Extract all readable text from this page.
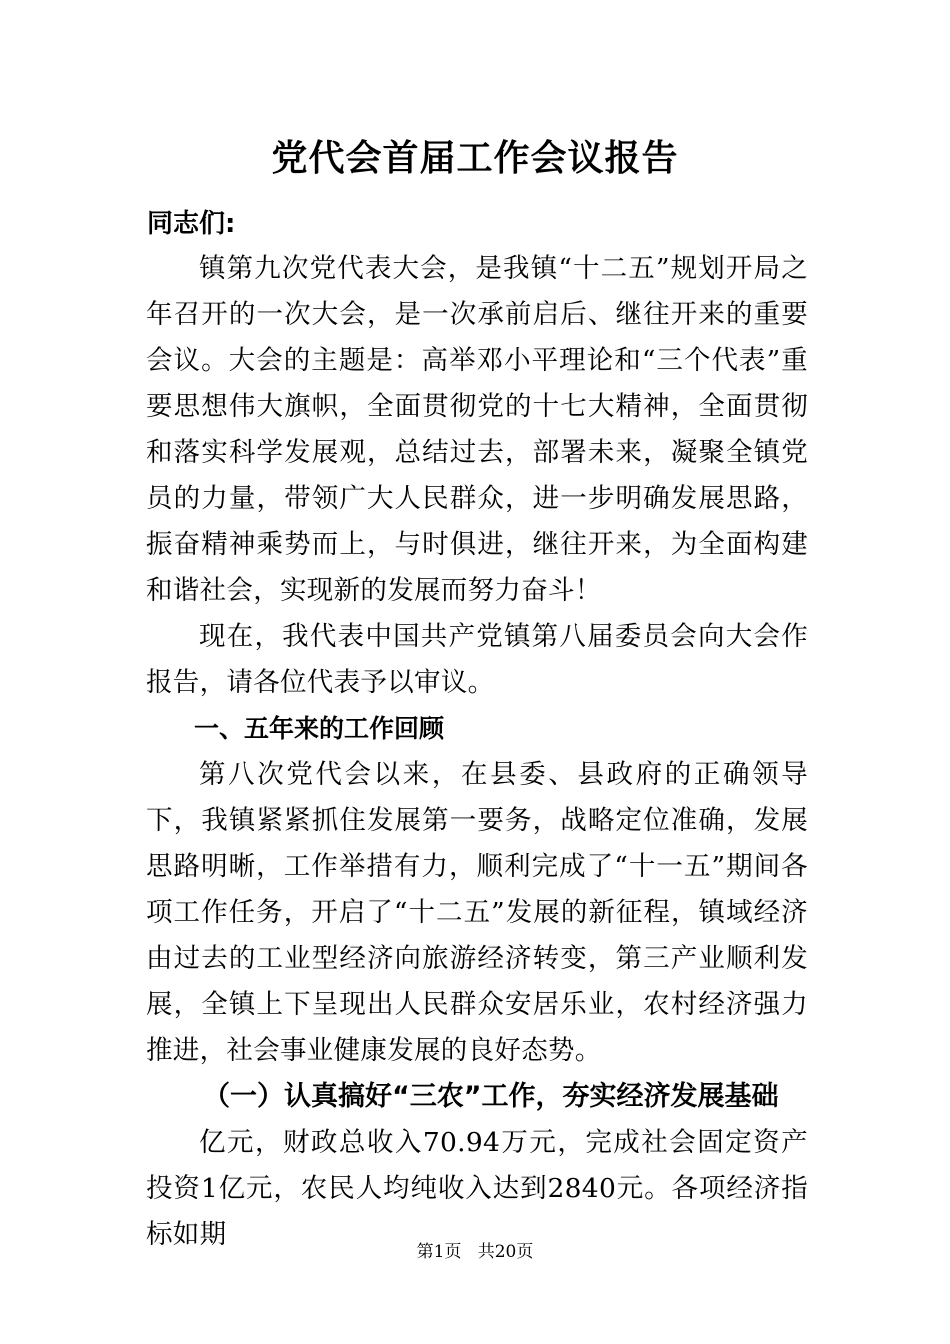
党代会首届工作会议报告

同志们:

镇第九次党代表大会，是我镇“十二五”规划开局之年召开的一次大会，是一次承前启后、继往开来的重要会议。大会的主题是：高举邓小平理论和“三个代表”重要思想伟大旗帜，全面贯彻党的十七大精神，全面贯彻和落实科学发展观，总结过去，部署未来，凝聚全镇党员的力量，带领广大人民群众，进一步明确发展思路，振奋精神乘势而上，与时俱进，继往开来，为全面构建和谐社会，实现新的发展而努力奋斗！

现在，我代表中国共产党镇第八届委员会向大会作报告，请各位代表予以审议。

一、五年来的工作回顾

第八次党代会以来，在县委、县政府的正确领导下，我镇紧紧抓住发展第一要务，战略定位准确，发展思路明晰，工作举措有力，顺利完成了“十一五”期间各项工作任务，开启了“十二五”发展的新征程，镇域经济由过去的工业型经济向旅游经济转变，第三产业顺利发展，全镇上下呈现出人民群众安居乐业，农村经济强力推进，社会事业健康发展的良好态势。

（一）认真搞好“三农”工作，夯实经济发展基础

亿元，财政总收入70.94万元，完成社会固定资产投资1亿元，农民人均纯收入达到2840元。各项经济指标如期

第1页 共20页
